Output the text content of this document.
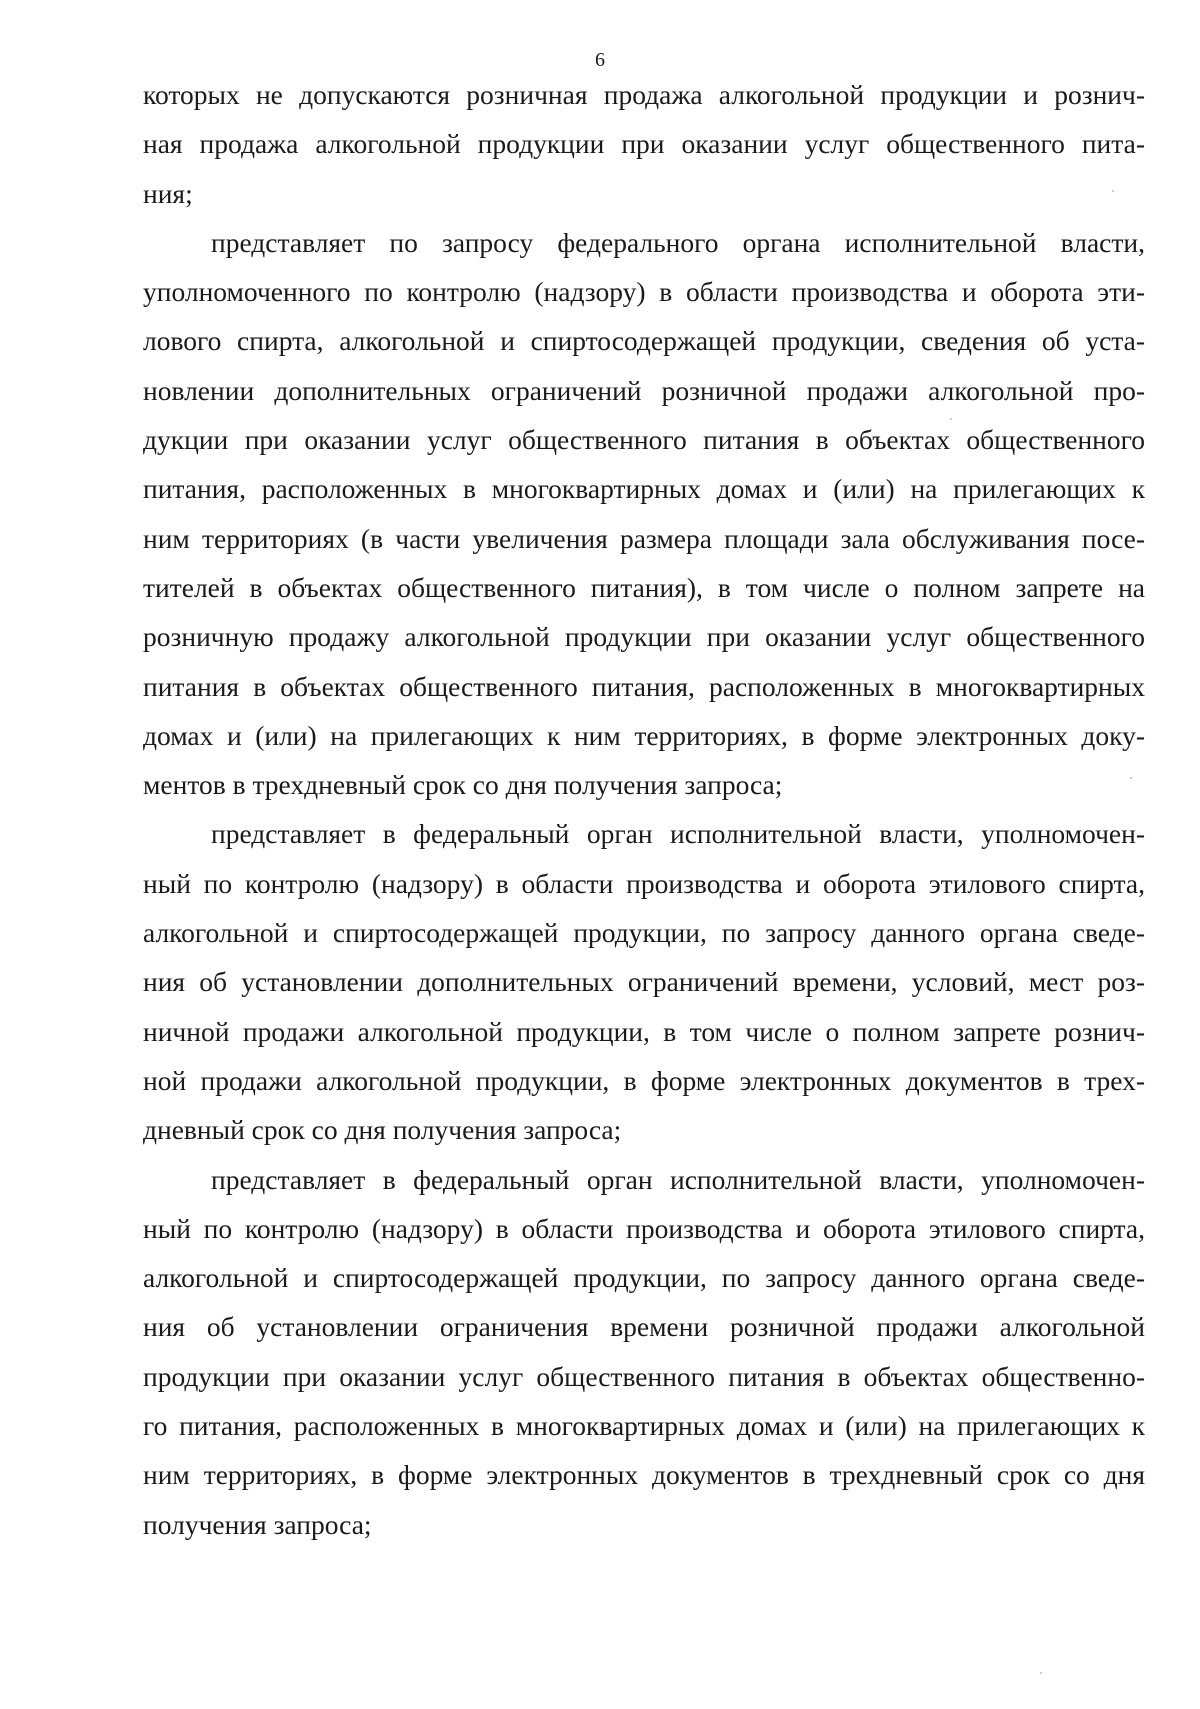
6
которых не допускаются розничная продажа алкогольной продукции и рознич-
ная продажа алкогольной продукции при оказании услуг общественного пита-
ния;
представляет по запросу федерального органа исполнительной власти,
уполномоченного по контролю (надзору) в области производства и оборота эти-
лового спирта, алкогольной и спиртосодержащей продукции, сведения об уста-
новлении дополнительных ограничений розничной продажи алкогольной про-
дукции при оказании услуг общественного питания в объектах общественного
питания, расположенных в многоквартирных домах и (или) на прилегающих к
ним территориях (в части увеличения размера площади зала обслуживания посе-
тителей в объектах общественного питания), в том числе о полном запрете на
розничную продажу алкогольной продукции при оказании услуг общественного
питания в объектах общественного питания, расположенных в многоквартирных
домах и (или) на прилегающих к ним территориях, в форме электронных доку-
ментов в трехдневный срок со дня получения запроса;
представляет в федеральный орган исполнительной власти, уполномочен-
ный по контролю (надзору) в области производства и оборота этилового спирта,
алкогольной и спиртосодержащей продукции, по запросу данного органа сведе-
ния об установлении дополнительных ограничений времени, условий, мест роз-
ничной продажи алкогольной продукции, в том числе о полном запрете рознич-
ной продажи алкогольной продукции, в форме электронных документов в трех-
дневный срок со дня получения запроса;
представляет в федеральный орган исполнительной власти, уполномочен-
ный по контролю (надзору) в области производства и оборота этилового спирта,
алкогольной и спиртосодержащей продукции, по запросу данного органа сведе-
ния об установлении ограничения времени розничной продажи алкогольной
продукции при оказании услуг общественного питания в объектах общественно-
го питания, расположенных в многоквартирных домах и (или) на прилегающих к
ним территориях, в форме электронных документов в трехдневный срок со дня
получения запроса;
